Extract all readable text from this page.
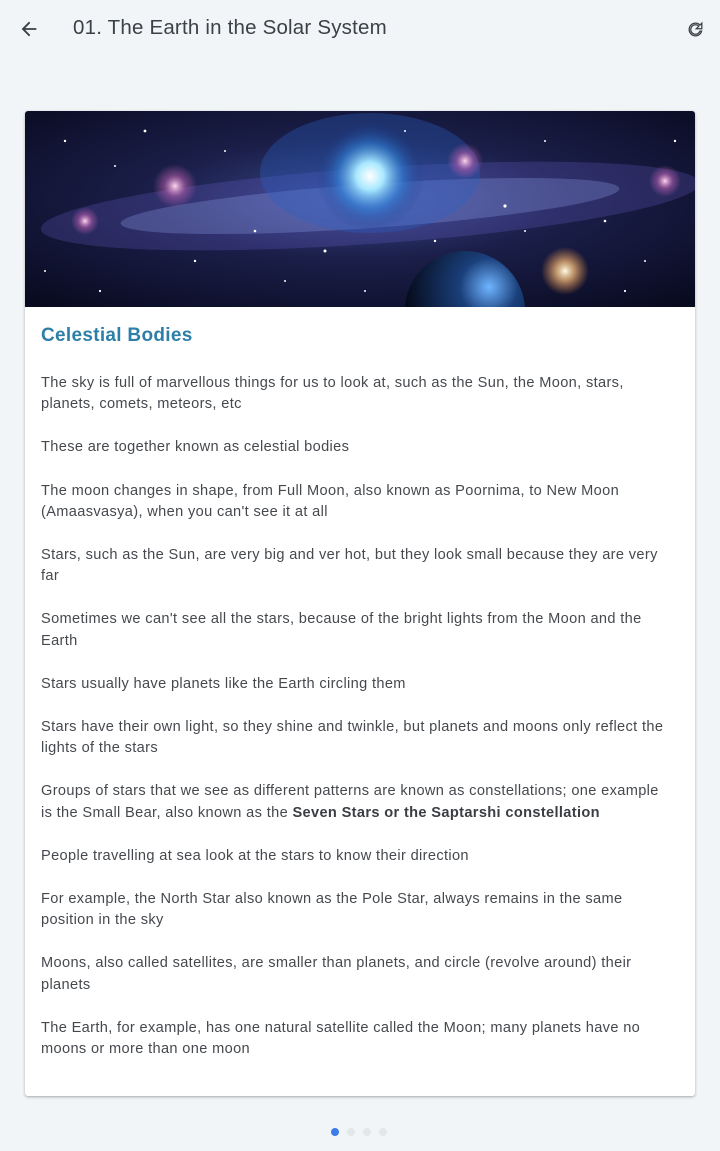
01. The Earth in the Solar System
Celestial Bodies

The sky is full of marvellous things for us to look at, such as the Sun, the Moon, stars, planets, comets, meteors, etc

These are together known as celestial bodies

The moon changes in shape, from Full Moon, also known as Poornima, to New Moon (Amaasvasya), when you can't see it at all

Stars, such as the Sun, are very big and ver hot, but they look small because they are very far

Sometimes we can't see all the stars, because of the bright lights from the Moon and the Earth

Stars usually have planets like the Earth circling them

Stars have their own light, so they shine and twinkle, but planets and moons only reflect the lights of the stars

Groups of stars that we see as different patterns are known as constellations; one example is the Small Bear, also known as the Seven Stars or the Saptarshi constellation

People travelling at sea look at the stars to know their direction

For example, the North Star also known as the Pole Star, always remains in the same position in the sky

Moons, also called satellites, are smaller than planets, and circle (revolve around) their planets

The Earth, for example, has one natural satellite called the Moon; many planets have no moons or more than one moon
